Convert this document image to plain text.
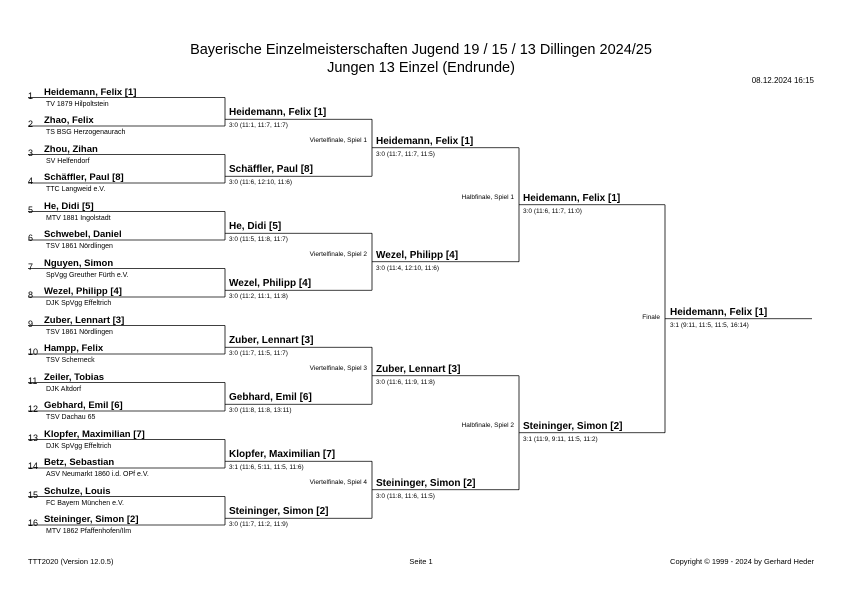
Bayerische Einzelmeisterschaften Jugend 19 / 15 / 13 Dillingen 2024/25
Jungen 13 Einzel (Endrunde)
08.12.2024 16:15
1 Heidemann, Felix [1]
TV 1879 Hilpoltstein
2 Zhao, Felix
TS BSG Herzogenaurach
3 Zhou, Zihan
SV Helfendorf
4 Schäffler, Paul [8]
TTC Langweid e.V.
5 He, Didi [5]
MTV 1881 Ingolstadt
6 Schwebel, Daniel
TSV 1861 Nördlingen
7 Nguyen, Simon
SpVgg Greuther Fürth e.V.
8 Wezel, Philipp [4]
DJK SpVgg Effeltrich
9 Zuber, Lennart [3]
TSV 1861 Nördlingen
10 Hampp, Felix
TSV Scherneck
11 Zeiler, Tobias
DJK Altdorf
12 Gebhard, Emil [6]
TSV Dachau 65
13 Klopfer, Maximilian [7]
DJK SpVgg Effeltrich
14 Betz, Sebastian
ASV Neumarkt 1860 i.d. OPf e.V.
15 Schulze, Louis
FC Bayern München e.V.
16 Steininger, Simon [2]
MTV 1862 Pfaffenhofen/Ilm
Heidemann, Felix [1]
3:0 (11:1, 11:7, 11:7)
Schäffler, Paul [8]
3:0 (11:6, 12:10, 11:6)
He, Didi [5]
3:0 (11:5, 11:8, 11:7)
Wezel, Philipp [4]
3:0 (11:2, 11:1, 11:8)
Zuber, Lennart [3]
3:0 (11:7, 11:5, 11:7)
Gebhard, Emil [6]
3:0 (11:8, 11:8, 13:11)
Klopfer, Maximilian [7]
3:1 (11:6, 5:11, 11:5, 11:6)
Steininger, Simon [2]
3:0 (11:7, 11:2, 11:9)
Viertelfinale, Spiel 1 Heidemann, Felix [1]
3:0 (11:7, 11:7, 11:5)
Viertelfinale, Spiel 2 Wezel, Philipp [4]
3:0 (11:4, 12:10, 11:6)
Viertelfinale, Spiel 3 Zuber, Lennart [3]
3:0 (11:6, 11:9, 11:8)
Viertelfinale, Spiel 4 Steininger, Simon [2]
3:0 (11:8, 11:6, 11:5)
Halbfinale, Spiel 1 Heidemann, Felix [1]
3:0 (11:6, 11:7, 11:0)
Halbfinale, Spiel 2 Steininger, Simon [2]
3:1 (11:9, 9:11, 11:5, 11:2)
Finale Heidemann, Felix [1]
3:1 (9:11, 11:5, 11:5, 16:14)
TTT2020 (Version 12.0.5)	Seite 1	Copyright © 1999 - 2024 by Gerhard Heder
